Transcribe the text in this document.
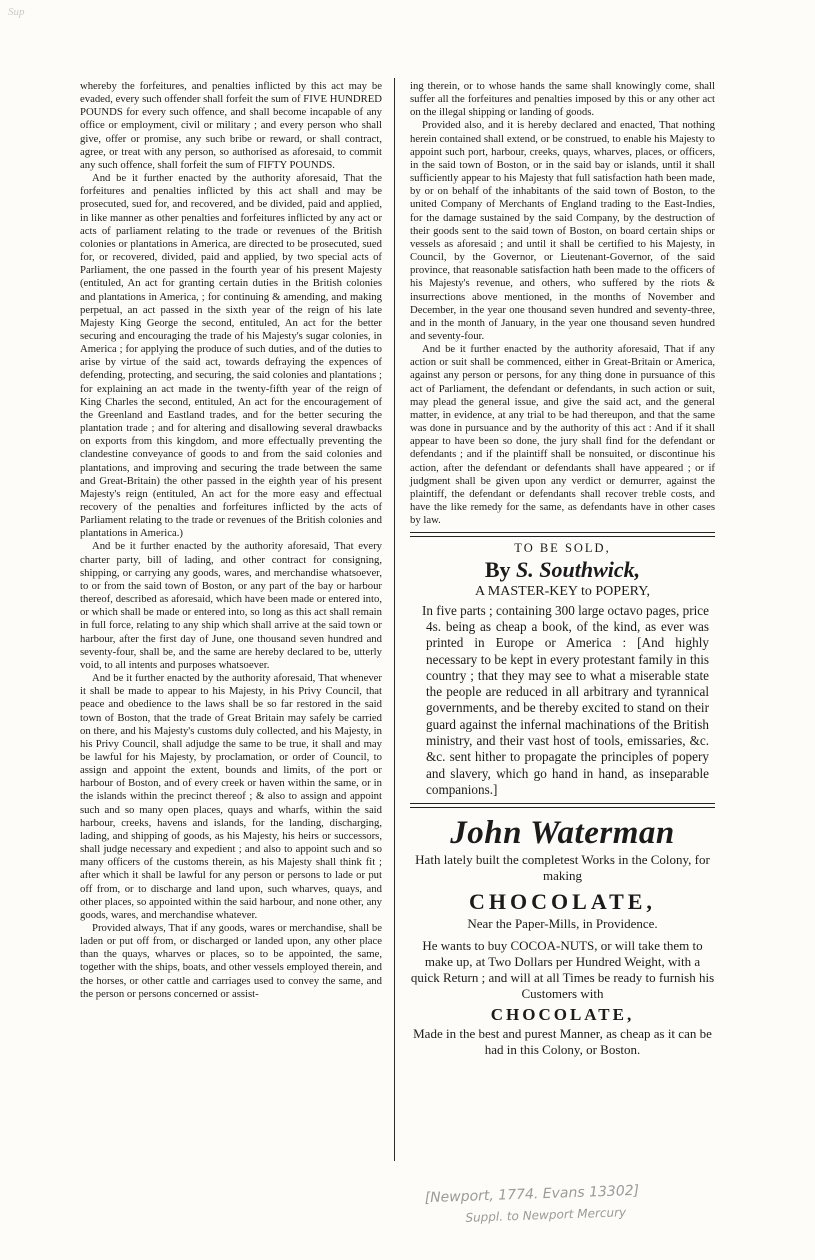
Sup

whereby the forfeitures, and penalties inflicted by this act may be evaded, every such offender shall forfeit the sum of FIVE HUNDRED POUNDS for every such offence, and shall become incapable of any office or employment, civil or military ; and every person who shall give, offer or promise, any such bribe or reward, or shall contract, agree, or treat with any person, so authorised as aforesaid, to commit any such offence, shall forfeit the sum of FIFTY POUNDS.

And be it further enacted by the authority aforesaid, That the forfeitures and penalties inflicted by this act shall and may be prosecuted, sued for, and recovered, and be divided, paid and applied, in like manner as other penalties and forfeitures inflicted by any act or acts of parliament relating to the trade or revenues of the British colonies or plantations in America, are directed to be prosecuted, sued for, or recovered, divided, paid and applied, by two special acts of Parliament, the one passed in the fourth year of his present Majesty (entituled, An act for granting certain duties in the British colonies and plantations in America, ; for continuing & amending, and making perpetual, an act passed in the sixth year of the reign of his late Majesty King George the second, entituled, An act for the better securing and encouraging the trade of his Majesty's sugar colonies, in America ; for applying the produce of such duties, and of the duties to arise by virtue of the said act, towards defraying the expences of defending, protecting, and securing, the said colonies and plantations ; for explaining an act made in the twenty-fifth year of the reign of King Charles the second, entituled, An act for the encouragement of the Greenland and Eastland trades, and for the better securing the plantation trade ; and for altering and disallowing several drawbacks on exports from this kingdom, and more effectually preventing the clandestine conveyance of goods to and from the said colonies and plantations, and improving and securing the trade between the same and Great-Britain) the other passed in the eighth year of his present Majesty's reign (entituled, An act for the more easy and effectual recovery of the penalties and forfeitures inflicted by the acts of Parliament relating to the trade or revenues of the British colonies and plantations in America.)

And be it further enacted by the authority aforesaid, That every charter party, bill of lading, and other contract for consigning, shipping, or carrying any goods, wares, and merchandise whatsoever, to or from the said town of Boston, or any part of the bay or harbour thereof, described as aforesaid, which have been made or entered into, or which shall be made or entered into, so long as this act shall remain in full force, relating to any ship which shall arrive at the said town or harbour, after the first day of June, one thousand seven hundred and seventy-four, shall be, and the same are hereby declared to be, utterly void, to all intents and purposes whatsoever.

And be it further enacted by the authority aforesaid, That whenever it shall be made to appear to his Majesty, in his Privy Council, that peace and obedience to the laws shall be so far restored in the said town of Boston, that the trade of Great Britain may safely be carried on there, and his Majesty's customs duly collected, and his Majesty, in his Privy Council, shall adjudge the same to be true, it shall and may be lawful for his Majesty, by proclamation, or order of Council, to assign and appoint the extent, bounds and limits, of the port or harbour of Boston, and of every creek or haven within the same, or in the islands within the precinct thereof ; & also to assign and appoint such and so many open places, quays and wharfs, within the said harbour, creeks, havens and islands, for the landing, discharging, lading, and shipping of goods, as his Majesty, his heirs or successors, shall judge necessary and expedient ; and also to appoint such and so many officers of the customs therein, as his Majesty shall think fit ; after which it shall be lawful for any person or persons to lade or put off from, or to discharge and land upon, such wharves, quays, and other places, so appointed within the said harbour, and none other, any goods, wares, and merchandise whatever.

Provided always, That if any goods, wares or merchandise, shall be laden or put off from, or discharged or landed upon, any other place than the quays, wharves or places, so to be appointed, the same, together with the ships, boats, and other vessels employed therein, and the horses, or other cattle and carriages used to convey the same, and the person or persons concerned or assist-

ing therein, or to whose hands the same shall knowingly come, shall suffer all the forfeitures and penalties imposed by this or any other act on the illegal shipping or landing of goods.

Provided also, and it is hereby declared and enacted, That nothing herein contained shall extend, or be construed, to enable his Majesty to appoint such port, harbour, creeks, quays, wharves, places, or officers, in the said town of Boston, or in the said bay or islands, until it shall sufficiently appear to his Majesty that full satisfaction hath been made, by or on behalf of the inhabitants of the said town of Boston, to the united Company of Merchants of England trading to the East-Indies, for the damage sustained by the said Company, by the destruction of their goods sent to the said town of Boston, on board certain ships or vessels as aforesaid ; and until it shall be certified to his Majesty, in Council, by the Governor, or Lieutenant-Governor, of the said province, that reasonable satisfaction hath been made to the officers of his Majesty's revenue, and others, who suffered by the riots & insurrections above mentioned, in the months of November and December, in the year one thousand seven hundred and seventy-three, and in the month of January, in the year one thousand seven hundred and seventy-four.

And be it further enacted by the authority aforesaid, That if any action or suit shall be commenced, either in Great-Britain or America, against any person or persons, for any thing done in pursuance of this act of Parliament, the defendant or defendants, in such action or suit, may plead the general issue, and give the said act, and the general matter, in evidence, at any trial to be had thereupon, and that the same was done in pursuance and by the authority of this act : And if it shall appear to have been so done, the jury shall find for the defendant or defendants ; and if the plaintiff shall be nonsuited, or discontinue his action, after the defendant or defendants shall have appeared ; or if judgment shall be given upon any verdict or demurrer, against the plaintiff, the defendant or defendants shall recover treble costs, and have the like remedy for the same, as defendants have in other cases by law.

TO BE SOLD,
By S. Southwick,
A MASTER-KEY to POPERY,
In five parts ; containing 300 large octavo pages, price 4s. being as cheap a book, of the kind, as ever was printed in Europe or America : [And highly necessary to be kept in every protestant family in this country ; that they may see to what a miserable state the people are reduced in all arbitrary and tyrannical governments, and be thereby excited to stand on their guard against the infernal machinations of the British ministry, and their vast host of tools, emissaries, &c. &c. sent hither to propagate the principles of popery and slavery, which go hand in hand, as inseparable companions.]
John Waterman
Hath lately built the completest Works in the Colony, for making
CHOCOLATE,
Near the Paper-Mills, in Providence.
He wants to buy COCOA-NUTS, or will take them to make up, at Two Dollars per Hundred Weight, with a quick Return ; and will at all Times be ready to furnish his Customers with
CHOCOLATE,
Made in the best and purest Manner, as cheap as it can be had in this Colony, or Boston.
[Newport, 1774. Evans 13302]
Suppl. to Newport Mercury
